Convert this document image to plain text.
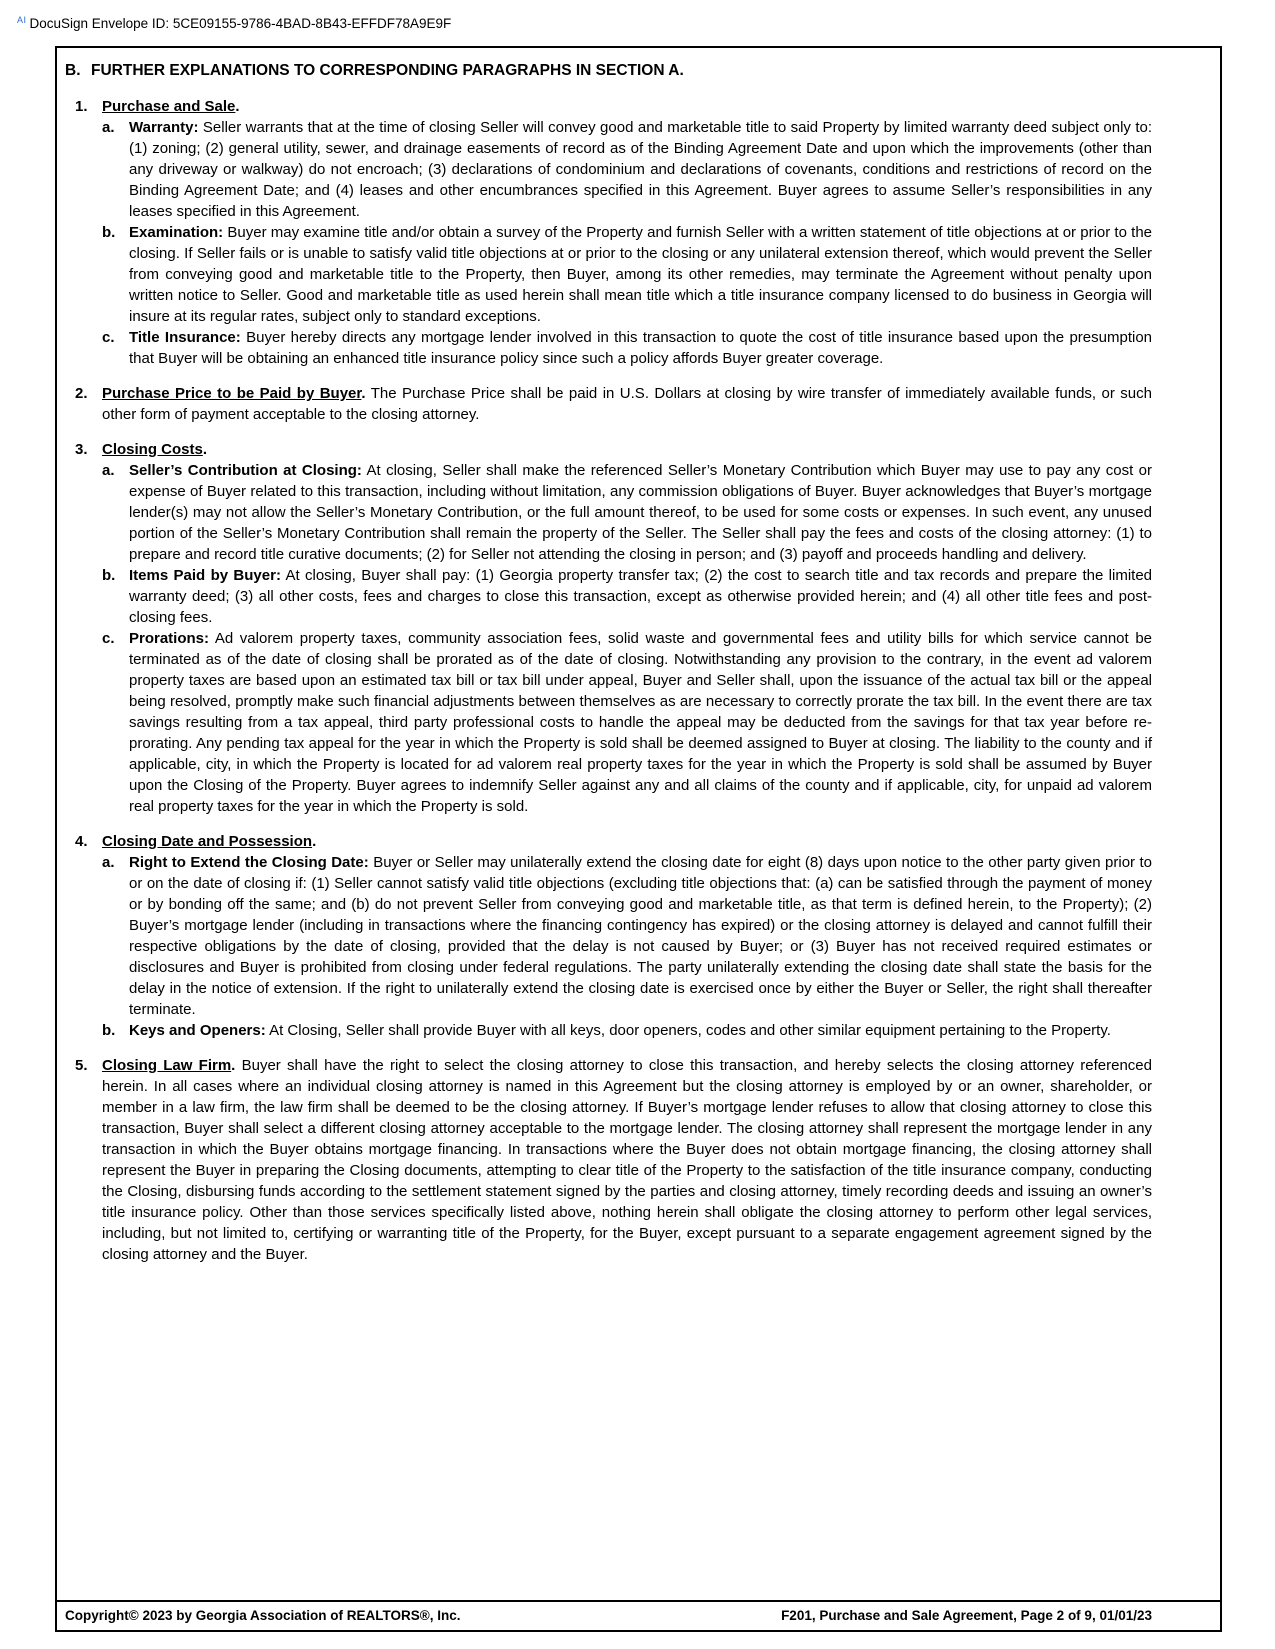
$^{AI}$ DocuSign Envelope ID: 5CE09155-9786-4BAD-8B43-EFFDF78A9E9F
B. FURTHER EXPLANATIONS TO CORRESPONDING PARAGRAPHS IN SECTION A.
1. Purchase and Sale.
a. Warranty: Seller warrants that at the time of closing Seller will convey good and marketable title to said Property by limited warranty deed subject only to: (1) zoning; (2) general utility, sewer, and drainage easements of record as of the Binding Agreement Date and upon which the improvements (other than any driveway or walkway) do not encroach; (3) declarations of condominium and declarations of covenants, conditions and restrictions of record on the Binding Agreement Date; and (4) leases and other encumbrances specified in this Agreement. Buyer agrees to assume Seller’s responsibilities in any leases specified in this Agreement.
b. Examination: Buyer may examine title and/or obtain a survey of the Property and furnish Seller with a written statement of title objections at or prior to the closing. If Seller fails or is unable to satisfy valid title objections at or prior to the closing or any unilateral extension thereof, which would prevent the Seller from conveying good and marketable title to the Property, then Buyer, among its other remedies, may terminate the Agreement without penalty upon written notice to Seller. Good and marketable title as used herein shall mean title which a title insurance company licensed to do business in Georgia will insure at its regular rates, subject only to standard exceptions.
c. Title Insurance: Buyer hereby directs any mortgage lender involved in this transaction to quote the cost of title insurance based upon the presumption that Buyer will be obtaining an enhanced title insurance policy since such a policy affords Buyer greater coverage.
2. Purchase Price to be Paid by Buyer. The Purchase Price shall be paid in U.S. Dollars at closing by wire transfer of immediately available funds, or such other form of payment acceptable to the closing attorney.
3. Closing Costs.
a. Seller’s Contribution at Closing: At closing, Seller shall make the referenced Seller’s Monetary Contribution which Buyer may use to pay any cost or expense of Buyer related to this transaction, including without limitation, any commission obligations of Buyer. Buyer acknowledges that Buyer’s mortgage lender(s) may not allow the Seller’s Monetary Contribution, or the full amount thereof, to be used for some costs or expenses. In such event, any unused portion of the Seller’s Monetary Contribution shall remain the property of the Seller. The Seller shall pay the fees and costs of the closing attorney: (1) to prepare and record title curative documents; (2) for Seller not attending the closing in person; and (3) payoff and proceeds handling and delivery.
b. Items Paid by Buyer: At closing, Buyer shall pay: (1) Georgia property transfer tax; (2) the cost to search title and tax records and prepare the limited warranty deed; (3) all other costs, fees and charges to close this transaction, except as otherwise provided herein; and (4) all other title fees and post-closing fees.
c. Prorations: Ad valorem property taxes, community association fees, solid waste and governmental fees and utility bills for which service cannot be terminated as of the date of closing shall be prorated as of the date of closing. Notwithstanding any provision to the contrary, in the event ad valorem property taxes are based upon an estimated tax bill or tax bill under appeal, Buyer and Seller shall, upon the issuance of the actual tax bill or the appeal being resolved, promptly make such financial adjustments between themselves as are necessary to correctly prorate the tax bill. In the event there are tax savings resulting from a tax appeal, third party professional costs to handle the appeal may be deducted from the savings for that tax year before re-prorating. Any pending tax appeal for the year in which the Property is sold shall be deemed assigned to Buyer at closing. The liability to the county and if applicable, city, in which the Property is located for ad valorem real property taxes for the year in which the Property is sold shall be assumed by Buyer upon the Closing of the Property. Buyer agrees to indemnify Seller against any and all claims of the county and if applicable, city, for unpaid ad valorem real property taxes for the year in which the Property is sold.
4. Closing Date and Possession.
a. Right to Extend the Closing Date: Buyer or Seller may unilaterally extend the closing date for eight (8) days upon notice to the other party given prior to or on the date of closing if: (1) Seller cannot satisfy valid title objections (excluding title objections that: (a) can be satisfied through the payment of money or by bonding off the same; and (b) do not prevent Seller from conveying good and marketable title, as that term is defined herein, to the Property); (2) Buyer’s mortgage lender (including in transactions where the financing contingency has expired) or the closing attorney is delayed and cannot fulfill their respective obligations by the date of closing, provided that the delay is not caused by Buyer; or (3) Buyer has not received required estimates or disclosures and Buyer is prohibited from closing under federal regulations. The party unilaterally extending the closing date shall state the basis for the delay in the notice of extension. If the right to unilaterally extend the closing date is exercised once by either the Buyer or Seller, the right shall thereafter terminate.
b. Keys and Openers: At Closing, Seller shall provide Buyer with all keys, door openers, codes and other similar equipment pertaining to the Property.
5. Closing Law Firm. Buyer shall have the right to select the closing attorney to close this transaction, and hereby selects the closing attorney referenced herein. In all cases where an individual closing attorney is named in this Agreement but the closing attorney is employed by or an owner, shareholder, or member in a law firm, the law firm shall be deemed to be the closing attorney. If Buyer’s mortgage lender refuses to allow that closing attorney to close this transaction, Buyer shall select a different closing attorney acceptable to the mortgage lender. The closing attorney shall represent the mortgage lender in any transaction in which the Buyer obtains mortgage financing. In transactions where the Buyer does not obtain mortgage financing, the closing attorney shall represent the Buyer in preparing the Closing documents, attempting to clear title of the Property to the satisfaction of the title insurance company, conducting the Closing, disbursing funds according to the settlement statement signed by the parties and closing attorney, timely recording deeds and issuing an owner’s title insurance policy. Other than those services specifically listed above, nothing herein shall obligate the closing attorney to perform other legal services, including, but not limited to, certifying or warranting title of the Property, for the Buyer, except pursuant to a separate engagement agreement signed by the closing attorney and the Buyer.
Copyright© 2023 by Georgia Association of REALTORS®, Inc.	F201, Purchase and Sale Agreement, Page 2 of 9, 01/01/23
